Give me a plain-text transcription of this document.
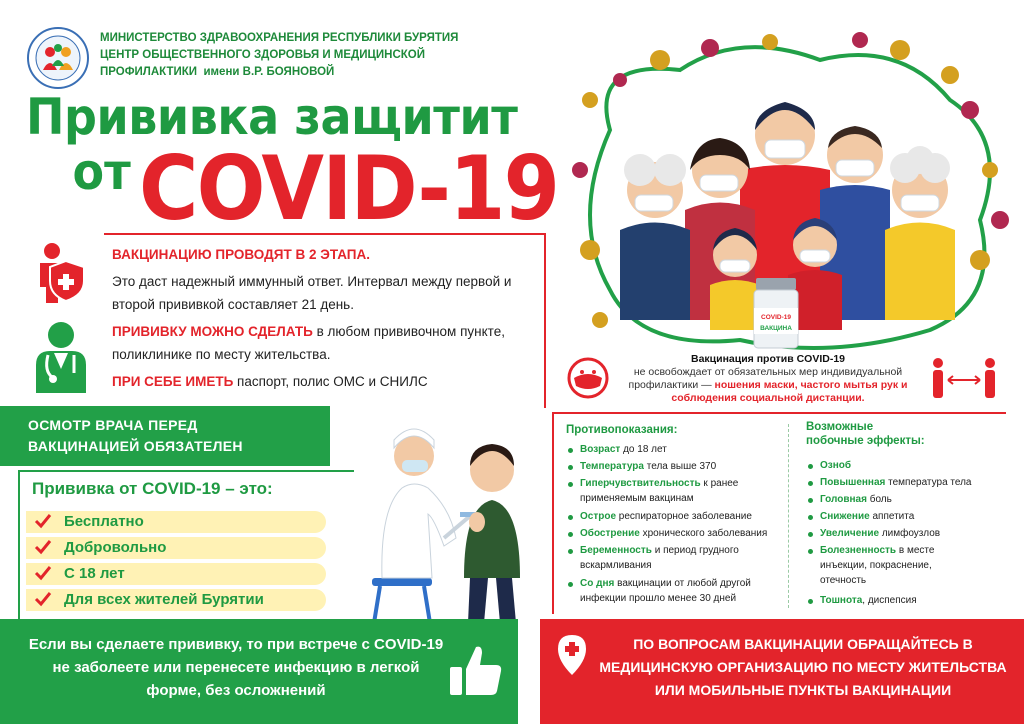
МИНИСТЕРСТВО ЗДРАВООХРАНЕНИЯ РЕСПУБЛИКИ БУРЯТИЯ
ЦЕНТР ОБЩЕСТВЕННОГО ЗДОРОВЬЯ И МЕДИЦИНСКОЙ
ПРОФИЛАКТИКИ имени В.Р. БОЯНОВОЙ
Прививка защитит
отCOVID-19
ВАКЦИНАЦИЮ ПРОВОДЯТ В 2 ЭТАПА.
Это даст надежный иммунный ответ. Интервал между первой и второй прививкой составляет 21 день.
ПРИВИВКУ МОЖНО СДЕЛАТЬ в любом прививочном пункте, поликлинике по месту жительства.
ПРИ СЕБЕ ИМЕТЬ паспорт, полис ОМС и СНИЛС
ОСМОТР ВРАЧА ПЕРЕД
ВАКЦИНАЦИЕЙ ОБЯЗАТЕЛЕН
Прививка от COVID-19 – это:
Бесплатно
Добровольно
С 18 лет
Для всех жителей Бурятии
COVID-19
ВАКЦИНА
Вакцинация против COVID-19
не освобождает от обязательных мер индивидуальной профилактики — ношения маски, частого мытья рук и соблюдения социальной дистанции.
Противопоказания:
Возраст до 18 лет
Температура тела выше 370
Гиперчувствительность к ранее применяемым вакцинам
Острое респираторное заболевание
Обострение хронического заболевания
Беременность и период грудного вскармливания
Со дня вакцинации от любой другой инфекции прошло менее 30 дней
Возможные
побочные эффекты:
Озноб
Повышенная температура тела
Головная боль
Снижение аппетита
Увеличение лимфоузлов
Болезненность в месте инъекции, покраснение, отечность
Тошнота, диспепсия
Если вы сделаете прививку, то при встрече с COVID-19 не заболеете или перенесете инфекцию в легкой форме, без осложнений
ПО ВОПРОСАМ ВАКЦИНАЦИИ ОБРАЩАЙТЕСЬ В МЕДИЦИНСКУЮ ОРГАНИЗАЦИЮ ПО МЕСТУ ЖИТЕЛЬСТВА ИЛИ МОБИЛЬНЫЕ ПУНКТЫ ВАКЦИНАЦИИ
